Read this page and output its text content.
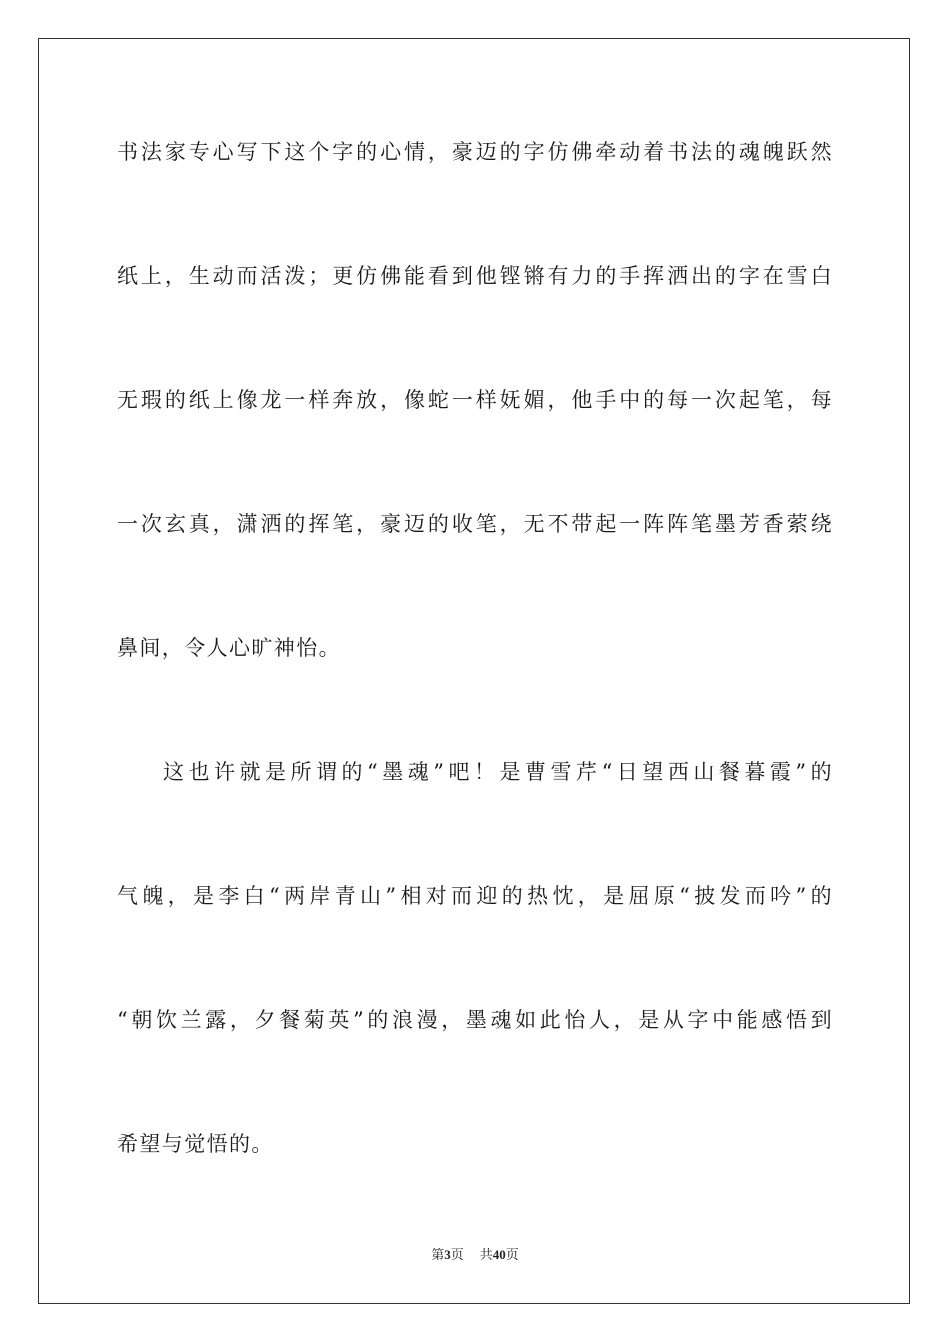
书法家专心写下这个字的心情，豪迈的字仿佛牵动着书法的魂魄跃然
纸上，生动而活泼；更仿佛能看到他铿锵有力的手挥洒出的字在雪白
无瑕的纸上像龙一样奔放，像蛇一样妩媚，他手中的每一次起笔，每
一次玄真，潇洒的挥笔，豪迈的收笔，无不带起一阵阵笔墨芳香萦绕
鼻间，令人心旷神怡。
这也许就是所谓的“墨魂”吧！是曹雪芹“日望西山餐暮霞”的
气魄，是李白“两岸青山”相对而迎的热忱，是屈原“披发而吟”的
“朝饮兰露，夕餐菊英”的浪漫，墨魂如此怡人，是从字中能感悟到
希望与觉悟的。
第3页 共40页
